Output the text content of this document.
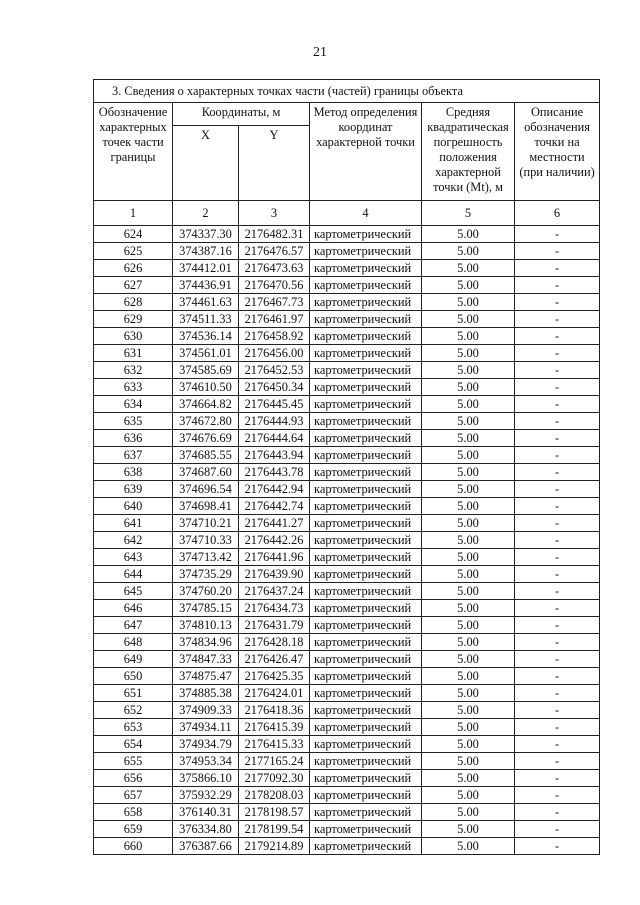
21
3. Сведения о характерных точках части (частей) границы объекта					
Обозначение характерных точек части границы	Координаты, м		Метод определения координат характерной точки	Средняя квадратическая погрешность положения характерной точки (Mt), м	Описание обозначения точки на местности (при наличии)
	X	Y			
1	2	3	4	5	6
624	374337.30	2176482.31	картометрический	5.00	-
625	374387.16	2176476.57	картометрический	5.00	-
626	374412.01	2176473.63	картометрический	5.00	-
627	374436.91	2176470.56	картометрический	5.00	-
628	374461.63	2176467.73	картометрический	5.00	-
629	374511.33	2176461.97	картометрический	5.00	-
630	374536.14	2176458.92	картометрический	5.00	-
631	374561.01	2176456.00	картометрический	5.00	-
632	374585.69	2176452.53	картометрический	5.00	-
633	374610.50	2176450.34	картометрический	5.00	-
634	374664.82	2176445.45	картометрический	5.00	-
635	374672.80	2176444.93	картометрический	5.00	-
636	374676.69	2176444.64	картометрический	5.00	-
637	374685.55	2176443.94	картометрический	5.00	-
638	374687.60	2176443.78	картометрический	5.00	-
639	374696.54	2176442.94	картометрический	5.00	-
640	374698.41	2176442.74	картометрический	5.00	-
641	374710.21	2176441.27	картометрический	5.00	-
642	374710.33	2176442.26	картометрический	5.00	-
643	374713.42	2176441.96	картометрический	5.00	-
644	374735.29	2176439.90	картометрический	5.00	-
645	374760.20	2176437.24	картометрический	5.00	-
646	374785.15	2176434.73	картометрический	5.00	-
647	374810.13	2176431.79	картометрический	5.00	-
648	374834.96	2176428.18	картометрический	5.00	-
649	374847.33	2176426.47	картометрический	5.00	-
650	374875.47	2176425.35	картометрический	5.00	-
651	374885.38	2176424.01	картометрический	5.00	-
652	374909.33	2176418.36	картометрический	5.00	-
653	374934.11	2176415.39	картометрический	5.00	-
654	374934.79	2176415.33	картометрический	5.00	-
655	374953.34	2177165.24	картометрический	5.00	-
656	375866.10	2177092.30	картометрический	5.00	-
657	375932.29	2178208.03	картометрический	5.00	-
658	376140.31	2178198.57	картометрический	5.00	-
659	376334.80	2178199.54	картометрический	5.00	-
660	376387.66	2179214.89	картометрический	5.00	-
